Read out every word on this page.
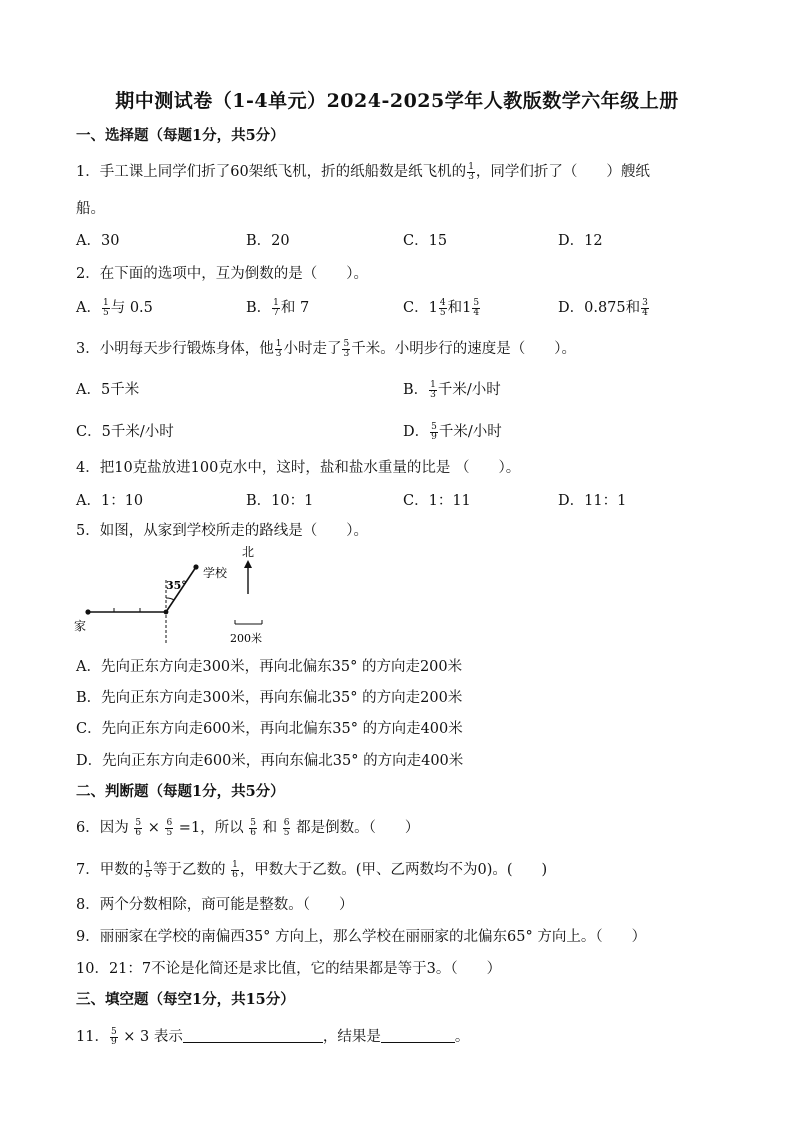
期中测试卷（1-4单元）2024-2025学年人教版数学六年级上册
一、选择题（每题1分，共5分）
1．手工课上同学们折了60架纸飞机，折的纸船数是纸飞机的 $\frac{1}{3}$ ，同学们折了（　　）艘纸
船。
A．30	B．20	C．15	D．12
2．在下面的选项中，互为倒数的是（　　）。
A． $\frac{1}{5}$ 与 0.5	B． $\frac{1}{7}$ 和 7	C．$1 \frac{4}{5}$ 和$1 \frac{5}{4}$	D．0.875和 $\frac{3}{4}$
3．小明每天步行锻炼身体，他 $\frac{1}{3}$ 小时走了 $\frac{5}{3}$ 千米。小明步行的速度是（　　）。
A．5千米	B． $\frac{1}{3}$ 千米/小时
C．5千米/小时	D． $\frac{5}{9}$ 千米/小时
4．把10克盐放进100克水中，这时，盐和盐水重量的比是 （　　）。
A．1：10	B．10：1	C．1：11	D．11：1
5．如图，从家到学校所走的路线是（　　）。
35°
学校
家
北
200米
A．先向正东方向走300米，再向北偏东35° 的方向走200米
B．先向正东方向走300米，再向东偏北35° 的方向走200米
C．先向正东方向走600米，再向北偏东35° 的方向走400米
D．先向正东方向走600米，再向东偏北35° 的方向走400米
二、判断题（每题1分，共5分）
6．因为 $\frac{5}{6} \times \frac{6}{5} =1$，所以 $\frac{5}{6}$ 和 $\frac{6}{5}$ 都是倒数。（　　）
7．甲数的 $\frac{1}{5}$ 等于乙数的 $\frac{1}{6}$ ，甲数大于乙数。(甲、乙两数均不为0)。(　　)
8．两个分数相除，商可能是整数。（　　）
9．丽丽家在学校的南偏西35° 方向上，那么学校在丽丽家的北偏东65° 方向上。（　　）
10．21：7不论是化简还是求比值，它的结果都是等于3。（　　）
三、填空题（每空1分，共15分）
11． $\frac{5}{9} \times 3$ 表示	，结果是	。
